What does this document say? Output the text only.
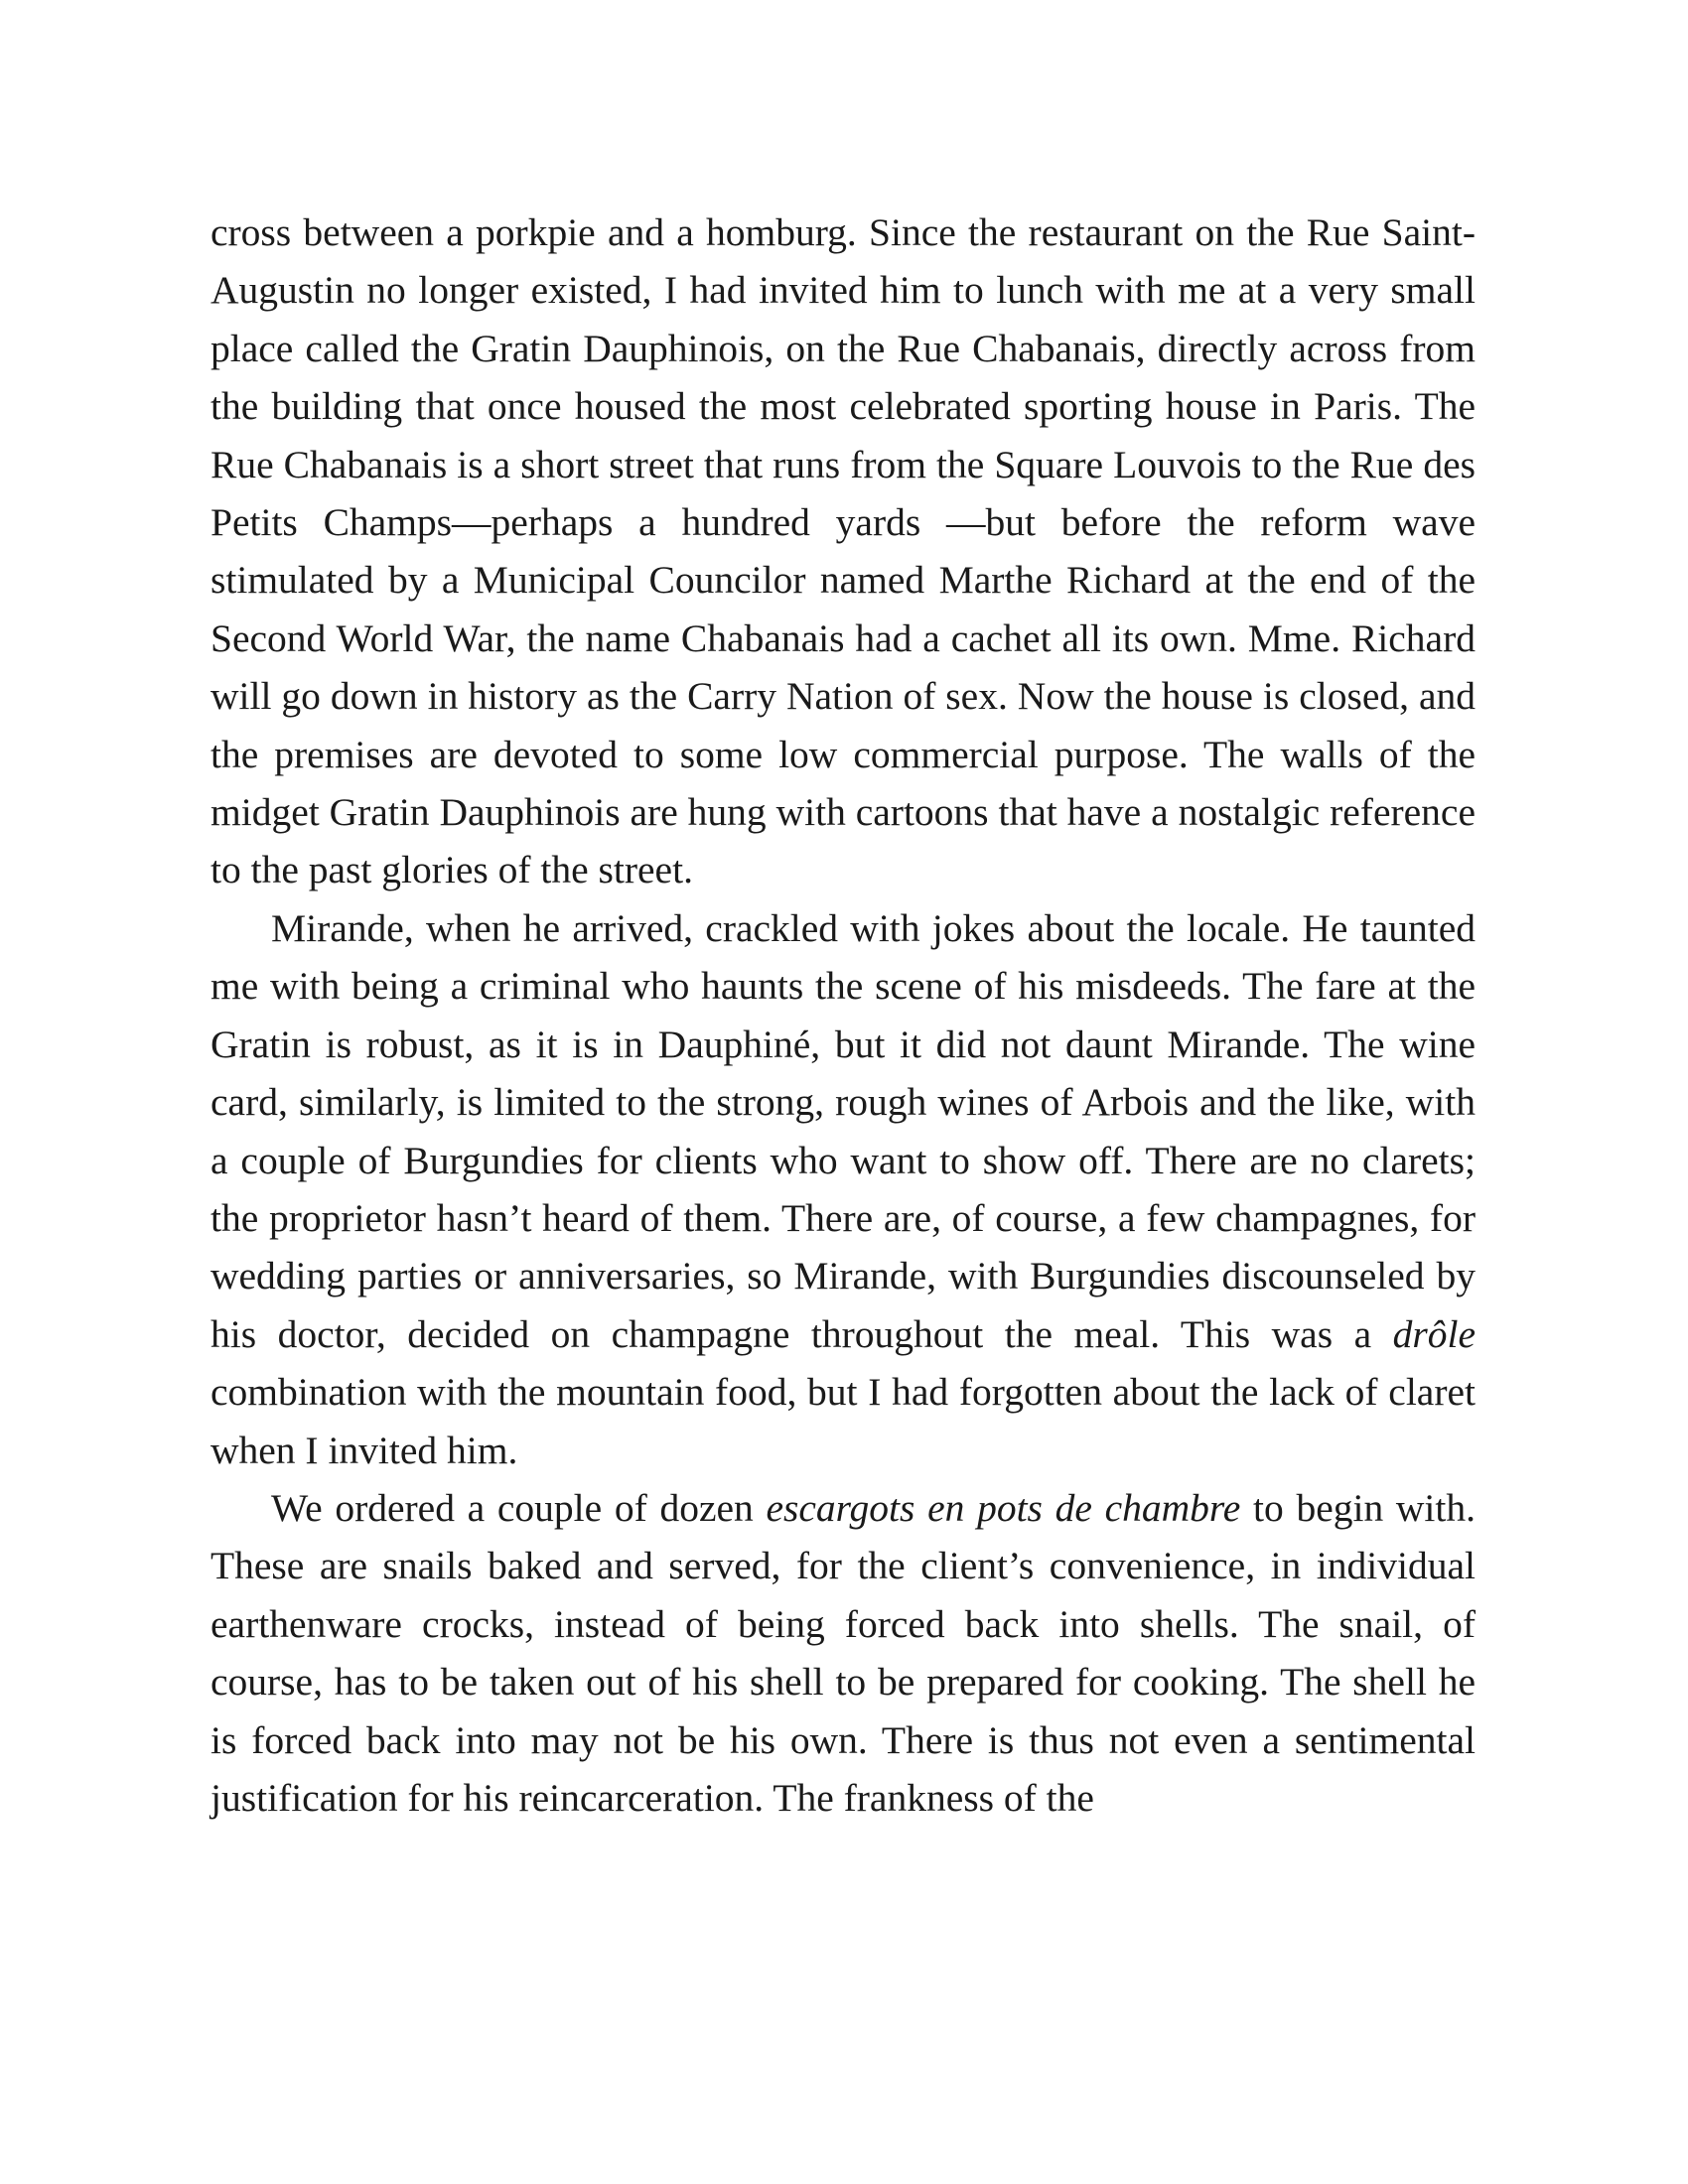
cross between a porkpie and a homburg. Since the restaurant on the Rue Saint-Augustin no longer existed, I had invited him to lunch with me at a very small place called the Gratin Dauphinois, on the Rue Chabanais, directly across from the building that once housed the most celebrated sporting house in Paris. The Rue Chabanais is a short street that runs from the Square Louvois to the Rue des Petits Champs—perhaps a hundred yards —but before the reform wave stimulated by a Municipal Councilor named Marthe Richard at the end of the Second World War, the name Chabanais had a cachet all its own. Mme. Richard will go down in history as the Carry Nation of sex. Now the house is closed, and the premises are devoted to some low commercial purpose. The walls of the midget Gratin Dauphinois are hung with cartoons that have a nostalgic reference to the past glories of the street.

Mirande, when he arrived, crackled with jokes about the locale. He taunted me with being a criminal who haunts the scene of his misdeeds. The fare at the Gratin is robust, as it is in Dauphiné, but it did not daunt Mirande. The wine card, similarly, is limited to the strong, rough wines of Arbois and the like, with a couple of Burgundies for clients who want to show off. There are no clarets; the proprietor hasn’t heard of them. There are, of course, a few champagnes, for wedding parties or anniversaries, so Mirande, with Burgundies discounseled by his doctor, decided on champagne throughout the meal. This was a drôle combination with the mountain food, but I had forgotten about the lack of claret when I invited him.

We ordered a couple of dozen escargots en pots de chambre to begin with. These are snails baked and served, for the client’s convenience, in individual earthenware crocks, instead of being forced back into shells. The snail, of course, has to be taken out of his shell to be prepared for cooking. The shell he is forced back into may not be his own. There is thus not even a sentimental justification for his reincarceration. The frankness of the
